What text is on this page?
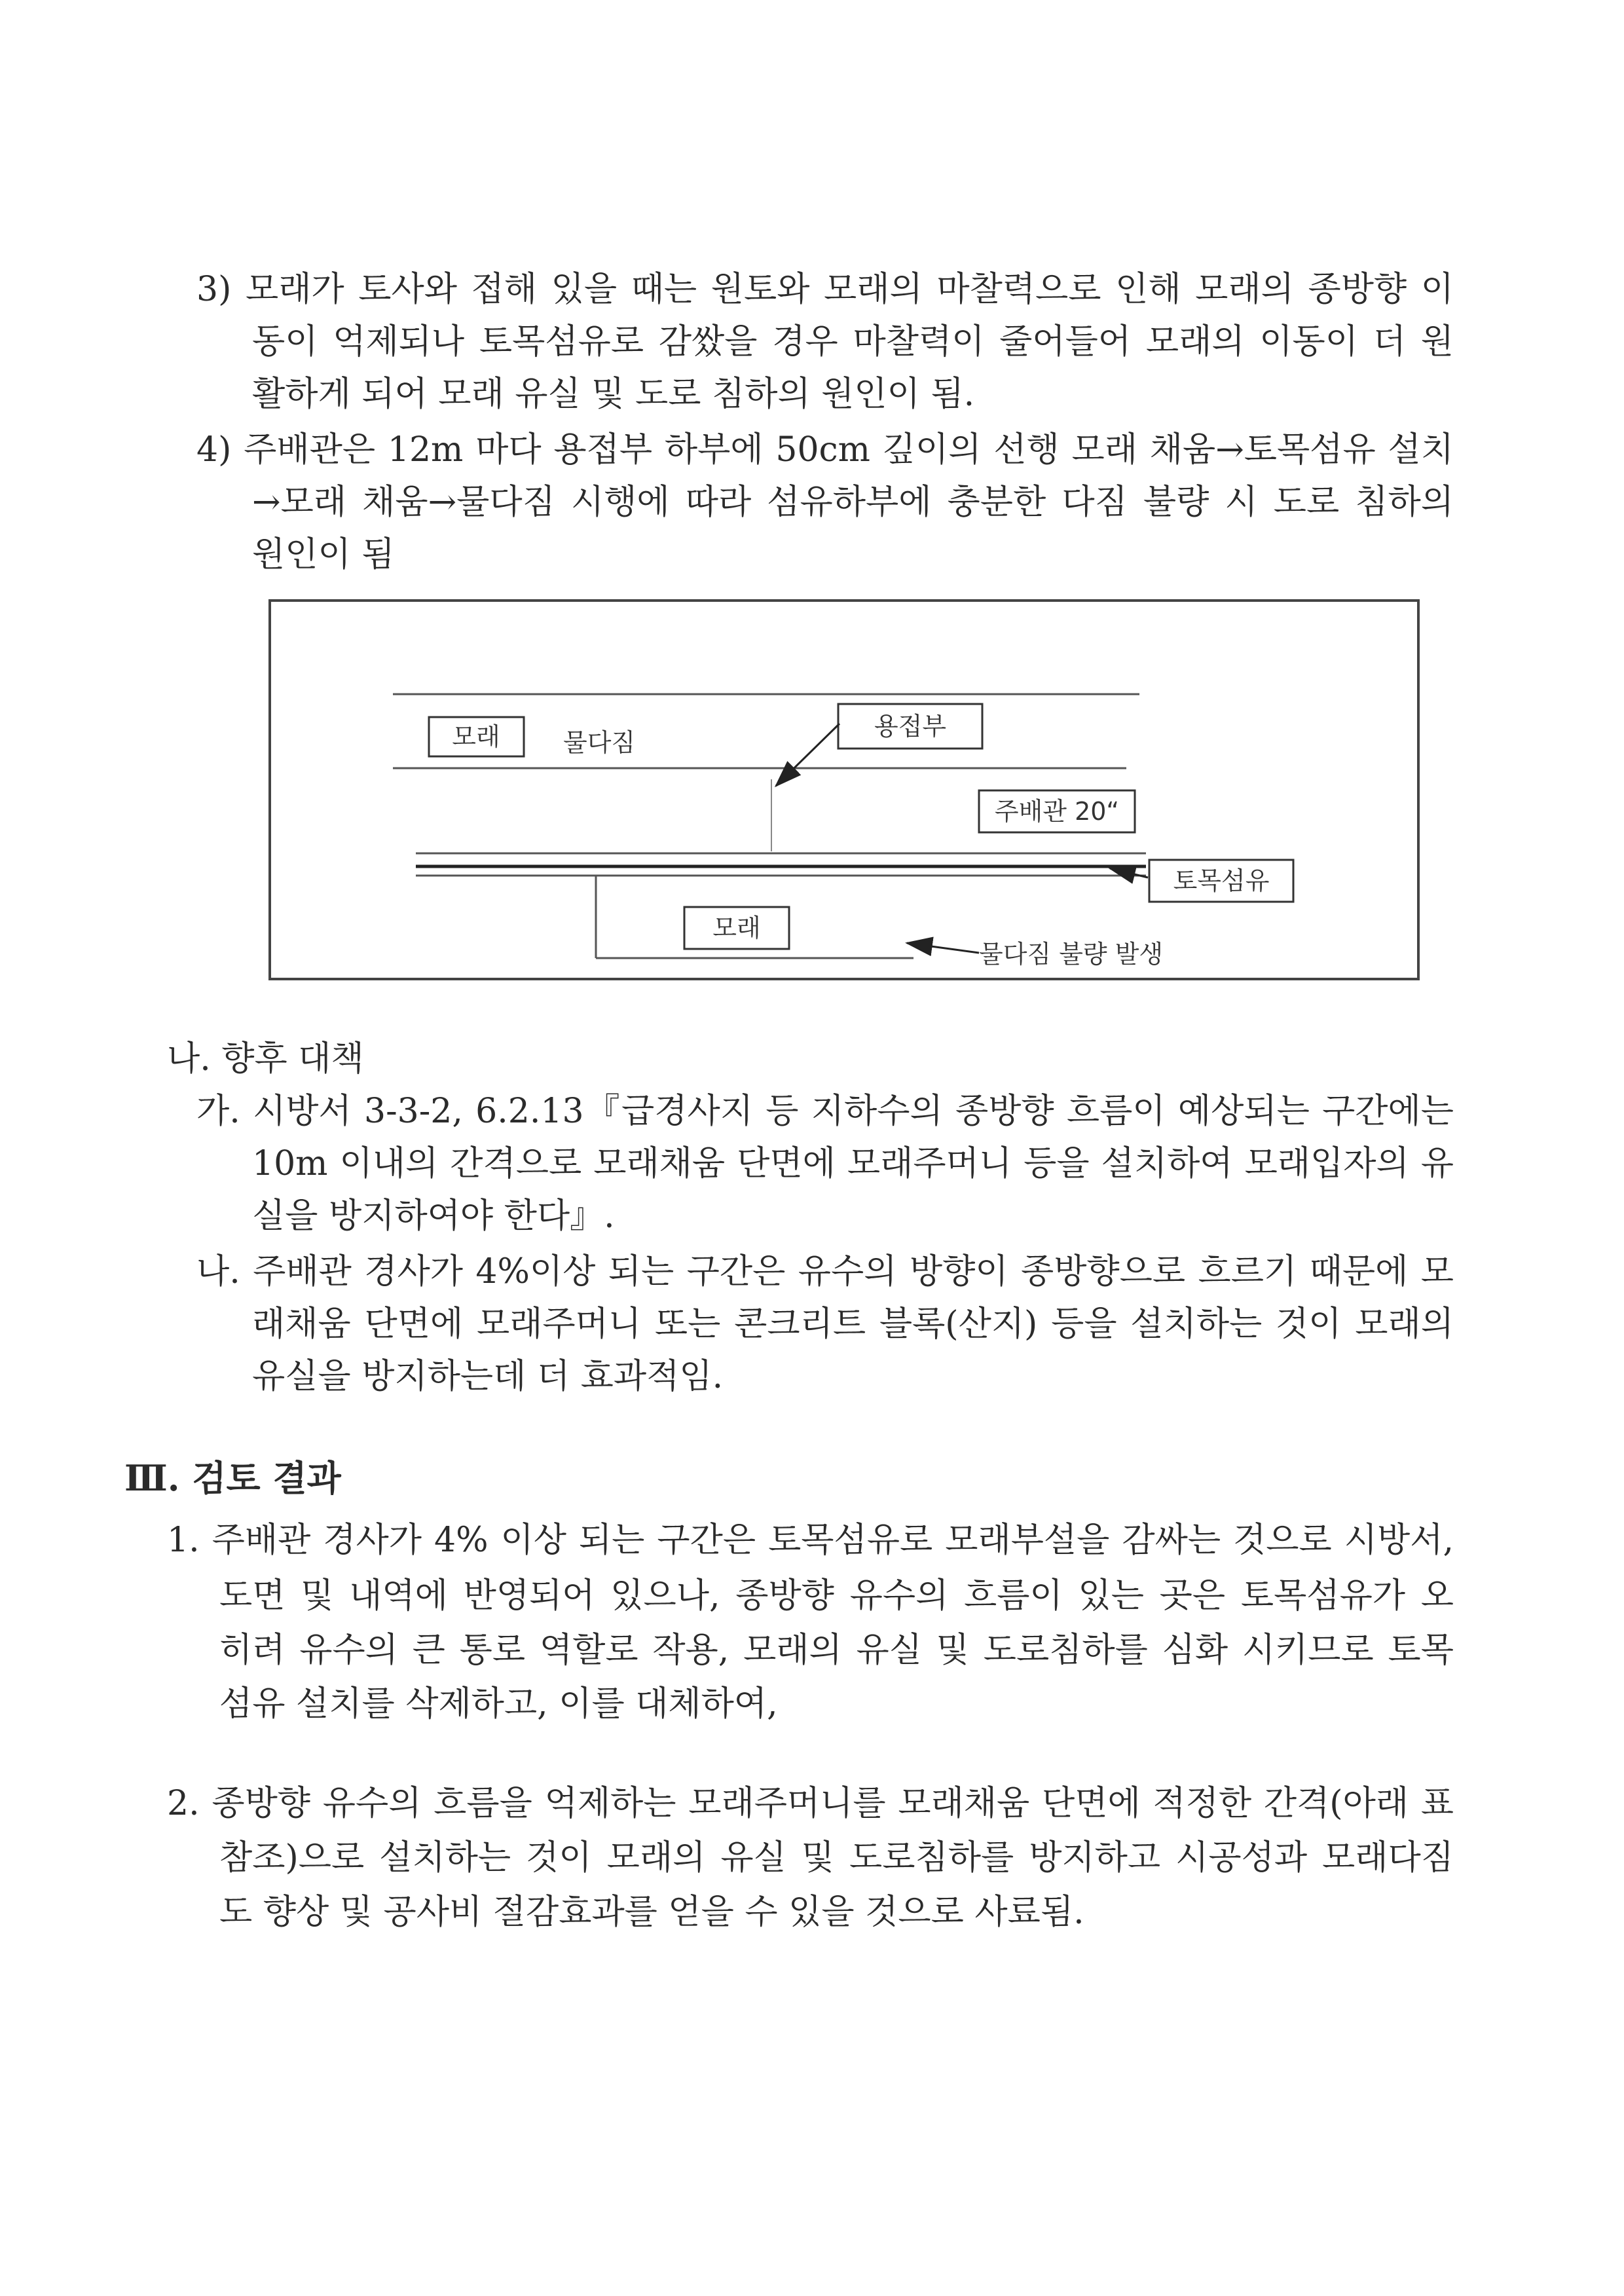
3) 모래가 토사와 접해 있을 때는 원토와 모래의 마찰력으로 인해 모래의 종방향 이
동이 억제되나 토목섬유로 감쌌을 경우 마찰력이 줄어들어 모래의 이동이 더 원
활하게 되어 모래 유실 및 도로 침하의 원인이 됨.
4) 주배관은 12m 마다 용접부 하부에 50cm 깊이의 선행 모래 채움→토목섬유 설치
→모래 채움→물다짐 시행에 따라 섬유하부에 충분한 다짐 불량 시 도로 침하의
원인이 됨
모래	물다짐
용접부
주배관 20“
토목섬유
모래
물다짐 불량 발생
나. 향후 대책
가. 시방서 3-3-2, 6.2.13『급경사지 등 지하수의 종방향 흐름이 예상되는 구간에는
10m 이내의 간격으로 모래채움 단면에 모래주머니 등을 설치하여 모래입자의 유
실을 방지하여야 한다』.
나. 주배관 경사가 4%이상 되는 구간은 유수의 방향이 종방향으로 흐르기 때문에 모
래채움 단면에 모래주머니 또는 콘크리트 블록(산지) 등을 설치하는 것이 모래의
유실을 방지하는데 더 효과적임.
Ⅲ. 검토 결과
1. 주배관 경사가 4% 이상 되는 구간은 토목섬유로 모래부설을 감싸는 것으로 시방서,
도면 및 내역에 반영되어 있으나, 종방향 유수의 흐름이 있는 곳은 토목섬유가 오
히려 유수의 큰 통로 역할로 작용, 모래의 유실 및 도로침하를 심화 시키므로 토목
섬유 설치를 삭제하고, 이를 대체하여,
2. 종방향 유수의 흐름을 억제하는 모래주머니를 모래채움 단면에 적정한 간격(아래 표
참조)으로 설치하는 것이 모래의 유실 및 도로침하를 방지하고 시공성과 모래다짐
도 향상 및 공사비 절감효과를 얻을 수 있을 것으로 사료됨.
